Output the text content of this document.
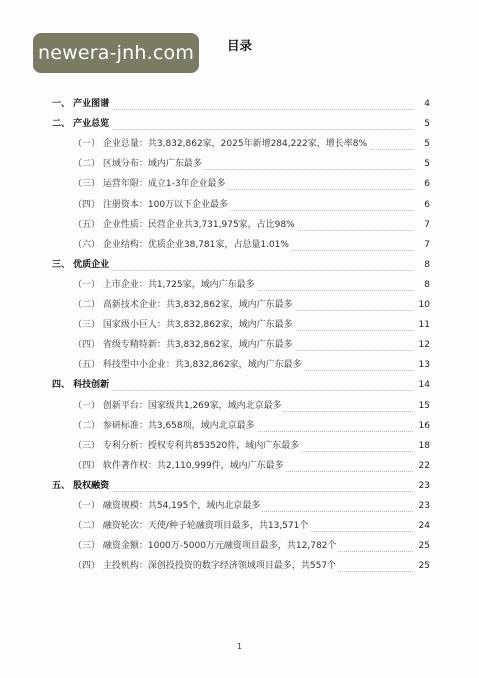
newera-jnh.com	目录
一、 产业图谱	4
二、 产业总览	5
（一） 企业总量：共3,832,862家，2025年新增284,222家，增长率8%	5
（二） 区域分布：域内广东最多	5
（三） 运营年限：成立1-3年企业最多	6
（四） 注册资本：100万以下企业最多	6
（五） 企业性质：民营企业共3,731,975家，占比98%	7
（六） 企业结构：优质企业38,781家，占总量1.01%	7
三、 优质企业	8
（一） 上市企业：共1,725家，域内广东最多	8
（二） 高新技术企业：共3,832,862家，域内广东最多	10
（三） 国家级小巨人：共3,832,862家，域内广东最多	11
（四） 省级专精特新：共3,832,862家，域内广东最多	12
（五） 科技型中小企业：共3,832,862家，域内广东最多	13
四、 科技创新	14
（一） 创新平台：国家级共1,269家，域内北京最多	15
（二） 参研标准：共3,658项，域内北京最多	16
（三） 专利分析：授权专利共853520件，域内广东最多	18
（四） 软件著作权：共2,110,999件，域内广东最多	22
五、 股权融资	23
（一） 融资规模：共54,195个，域内北京最多	23
（二） 融资轮次：天使/种子轮融资项目最多，共13,571个	24
（三） 融资金额：1000万-5000万元融资项目最多，共12,782个	25
（四） 主投机构：深创投投资的数字经济领域项目最多，共557个	25
1
